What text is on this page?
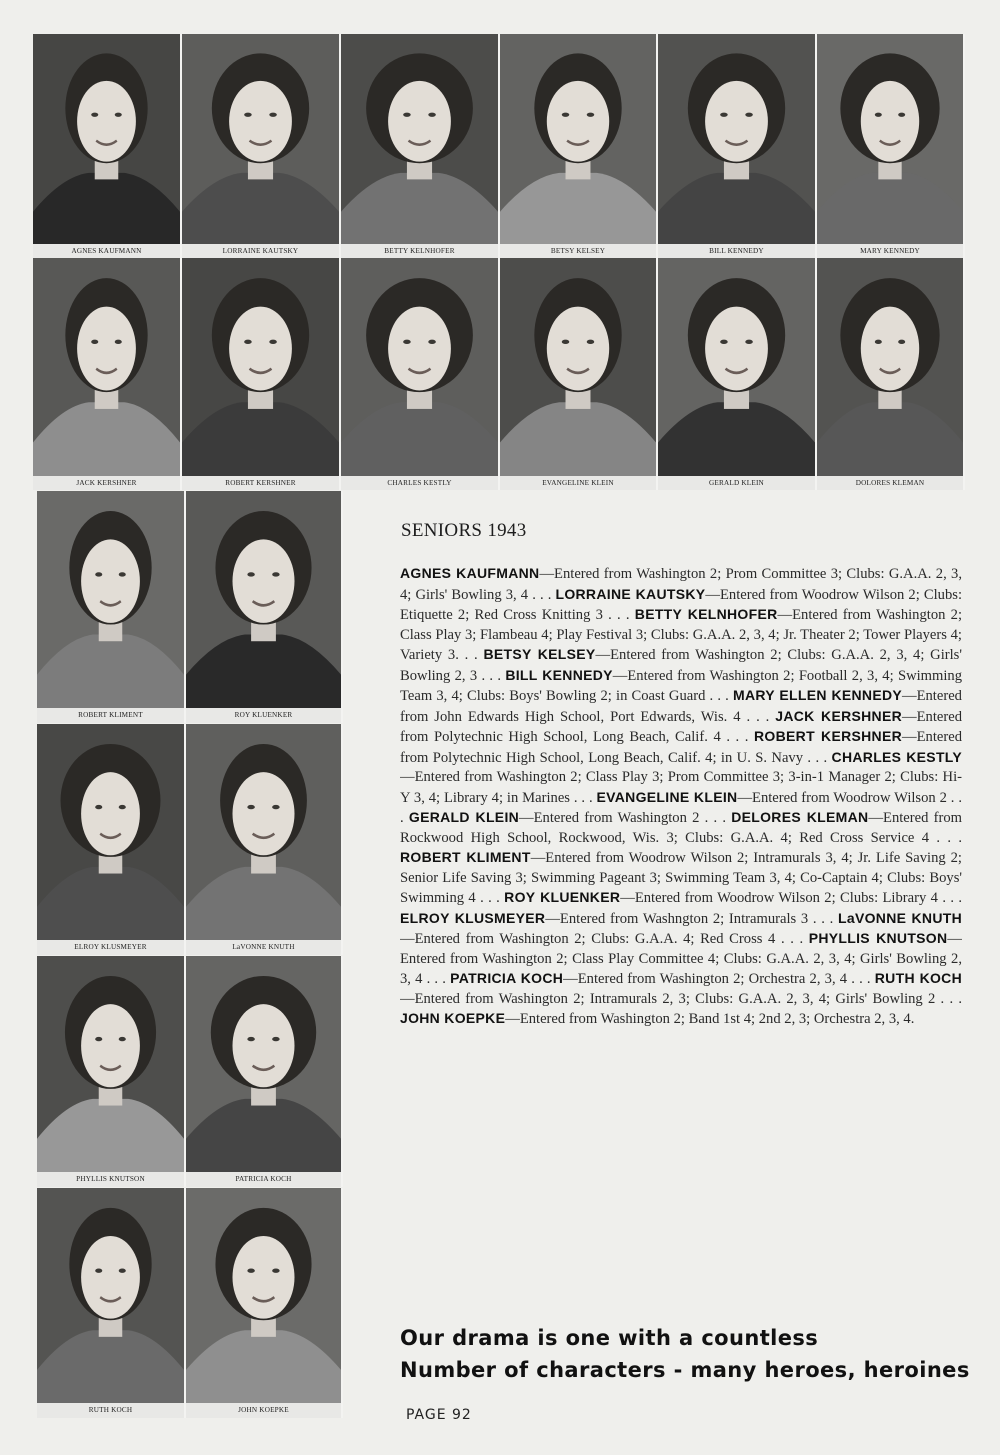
AGNES KAUFMANN	LORRAINE KAUTSKY	BETTY KELNHOFER	BETSY KELSEY	BILL KENNEDY	MARY KENNEDY
JACK KERSHNER	ROBERT KERSHNER	CHARLES KESTLY	EVANGELINE KLEIN	GERALD KLEIN	DOLORES KLEMAN
ROBERT KLIMENT	ROY KLUENKER
ELROY KLUSMEYER	LaVONNE KNUTH
PHYLLIS KNUTSON	PATRICIA KOCH
RUTH KOCH	JOHN KOEPKE
SENIORS 1943
AGNES KAUFMANN—Entered from Washington 2; Prom Committee 3; Clubs: G.A.A. 2, 3, 4; Girls' Bowling 3, 4 . . . LORRAINE KAUTSKY—Entered from Woodrow Wilson 2; Clubs: Etiquette 2; Red Cross Knitting 3 . . . BETTY KELNHOFER—Entered from Washington 2; Class Play 3; Flambeau 4; Play Festival 3; Clubs: G.A.A. 2, 3, 4; Jr. Theater 2; Tower Players 4; Variety 3. . . BETSY KELSEY—Entered from Washington 2; Clubs: G.A.A. 2, 3, 4; Girls' Bowling 2, 3 . . . BILL KENNEDY—Entered from Washington 2; Football 2, 3, 4; Swimming Team 3, 4; Clubs: Boys' Bowling 2; in Coast Guard . . . MARY ELLEN KENNEDY—Entered from John Edwards High School, Port Edwards, Wis. 4 . . . JACK KERSHNER—Entered from Polytechnic High School, Long Beach, Calif. 4 . . . ROBERT KERSHNER—Entered from Polytechnic High School, Long Beach, Calif. 4; in U. S. Navy . . . CHARLES KESTLY—Entered from Washington 2; Class Play 3; Prom Committee 3; 3-in-1 Manager 2; Clubs: Hi-Y 3, 4; Library 4; in Marines . . . EVANGELINE KLEIN—Entered from Woodrow Wilson 2 . . . GERALD KLEIN—Entered from Washington 2 . . . DELORES KLEMAN—Entered from Rockwood High School, Rockwood, Wis. 3; Clubs: G.A.A. 4; Red Cross Service 4 . . . ROBERT KLIMENT—Entered from Woodrow Wilson 2; Intramurals 3, 4; Jr. Life Saving 2; Senior Life Saving 3; Swimming Pageant 3; Swimming Team 3, 4; Co-Captain 4; Clubs: Boys' Swimming 4 . . . ROY KLUENKER—Entered from Woodrow Wilson 2; Clubs: Library 4 . . . ELROY KLUSMEYER—Entered from Washngton 2; Intramurals 3 . . . LaVONNE KNUTH—Entered from Washington 2; Clubs: G.A.A. 4; Red Cross 4 . . . PHYLLIS KNUTSON—Entered from Washington 2; Class Play Committee 4; Clubs: G.A.A. 2, 3, 4; Girls' Bowling 2, 3, 4 . . . PATRICIA KOCH—Entered from Washington 2; Orchestra 2, 3, 4 . . . RUTH KOCH—Entered from Washington 2; Intramurals 2, 3; Clubs: G.A.A. 2, 3, 4; Girls' Bowling 2 . . . JOHN KOEPKE—Entered from Washington 2; Band 1st 4; 2nd 2, 3; Orchestra 2, 3, 4.
Our drama is one with a countless
Number of characters - many heroes, heroines
PAGE 92
